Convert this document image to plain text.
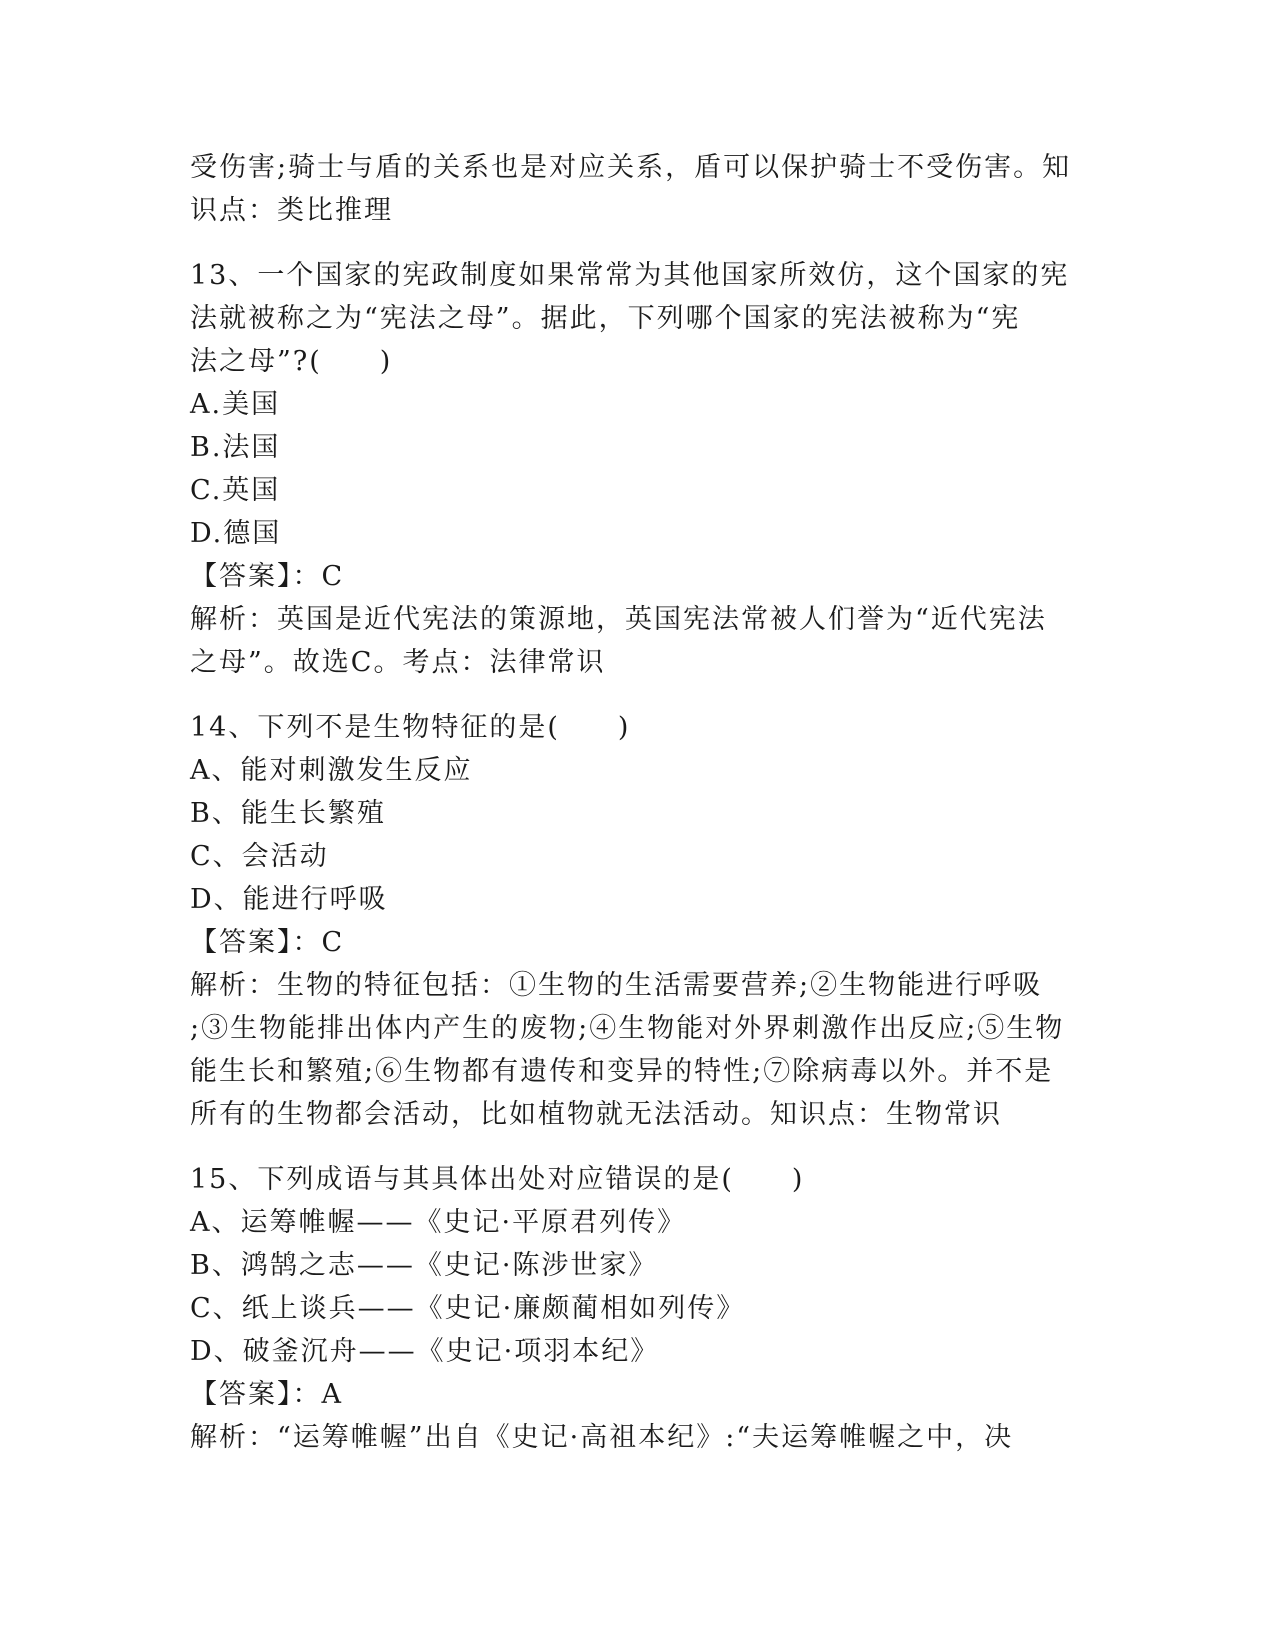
受伤害;骑士与盾的关系也是对应关系，盾可以保护骑士不受伤害。知
识点：类比推理
13、一个国家的宪政制度如果常常为其他国家所效仿，这个国家的宪
法就被称之为“宪法之母”。据此，下列哪个国家的宪法被称为“宪
法之母”?(　　)
A.美国
B.法国
C.英国
D.德国
【答案】：C
解析：英国是近代宪法的策源地，英国宪法常被人们誉为“近代宪法
之母”。故选C。考点：法律常识
14、下列不是生物特征的是(　　)
A、能对刺激发生反应
B、能生长繁殖
C、会活动
D、能进行呼吸
【答案】：C
解析：生物的特征包括：①生物的生活需要营养;②生物能进行呼吸
;③生物能排出体内产生的废物;④生物能对外界刺激作出反应;⑤生物
能生长和繁殖;⑥生物都有遗传和变异的特性;⑦除病毒以外。并不是
所有的生物都会活动，比如植物就无法活动。知识点：生物常识
15、下列成语与其具体出处对应错误的是(　　)
A、运筹帷幄——《史记·平原君列传》
B、鸿鹄之志——《史记·陈涉世家》
C、纸上谈兵——《史记·廉颇蔺相如列传》
D、破釜沉舟——《史记·项羽本纪》
【答案】：A
解析：“运筹帷幄”出自《史记·高祖本纪》:“夫运筹帷幄之中，决
